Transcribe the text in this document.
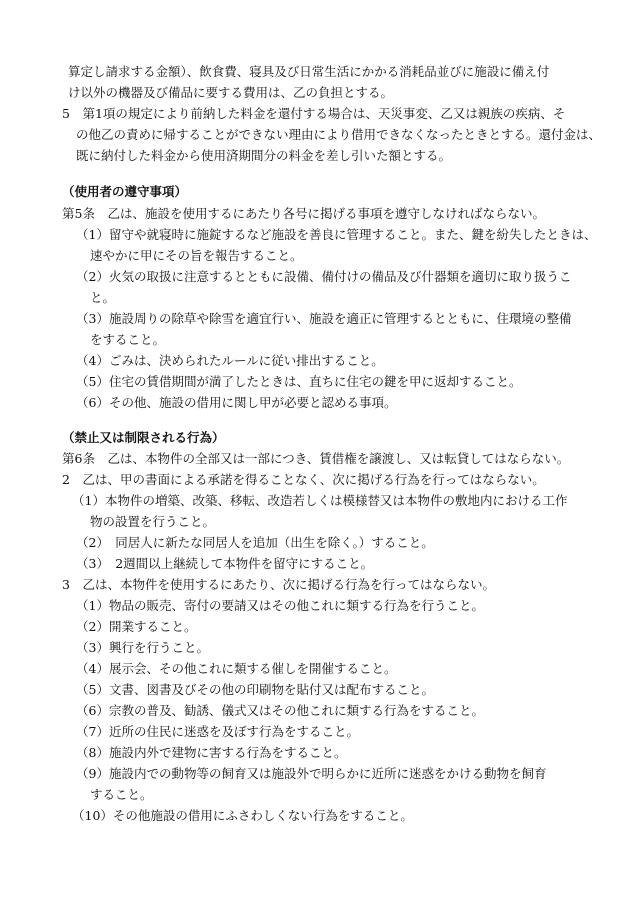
算定し請求する金額）、飲食費、寝具及び日常生活にかかる消耗品並びに施設に備え付
け以外の機器及び備品に要する費用は、乙の負担とする。
5　第1項の規定により前納した料金を還付する場合は、天災事変、乙又は親族の疾病、そ
の他乙の責めに帰することができない理由により借用できなくなったときとする。還付金は、
既に納付した料金から使用済期間分の料金を差し引いた額とする。
（使用者の遵守事項）
第5条　乙は、施設を使用するにあたり各号に掲げる事項を遵守しなければならない。
（1）留守や就寝時に施錠するなど施設を善良に管理すること。また、鍵を紛失したときは、
速やかに甲にその旨を報告すること。
（2）火気の取扱に注意するとともに設備、備付けの備品及び什器類を適切に取り扱うこ
と。
（3）施設周りの除草や除雪を適宜行い、施設を適正に管理するとともに、住環境の整備
をすること。
（4）ごみは、決められたルールに従い排出すること。
（5）住宅の賃借期間が満了したときは、直ちに住宅の鍵を甲に返却すること。
（6）その他、施設の借用に関し甲が必要と認める事項。
（禁止又は制限される行為）
第6条　乙は、本物件の全部又は一部につき、賃借権を譲渡し、又は転貸してはならない。
2　乙は、甲の書面による承諾を得ることなく、次に掲げる行為を行ってはならない。
（1）本物件の増築、改築、移転、改造若しくは模様替又は本物件の敷地内における工作
物の設置を行うこと。
（2）　同居人に新たな同居人を追加（出生を除く。）すること。
（3）　2週間以上継続して本物件を留守にすること。
3　乙は、本物件を使用するにあたり、次に掲げる行為を行ってはならない。
（1）物品の販売、寄付の要請又はその他これに類する行為を行うこと。
（2）開業すること。
（3）興行を行うこと。
（4）展示会、その他これに類する催しを開催すること。
（5）文書、図書及びその他の印刷物を貼付又は配布すること。
（6）宗教の普及、勧誘、儀式又はその他これに類する行為をすること。
（7）近所の住民に迷惑を及ぼす行為をすること。
（8）施設内外で建物に害する行為をすること。
（9）施設内での動物等の飼育又は施設外で明らかに近所に迷惑をかける動物を飼育
すること。
（10）その他施設の借用にふさわしくない行為をすること。
